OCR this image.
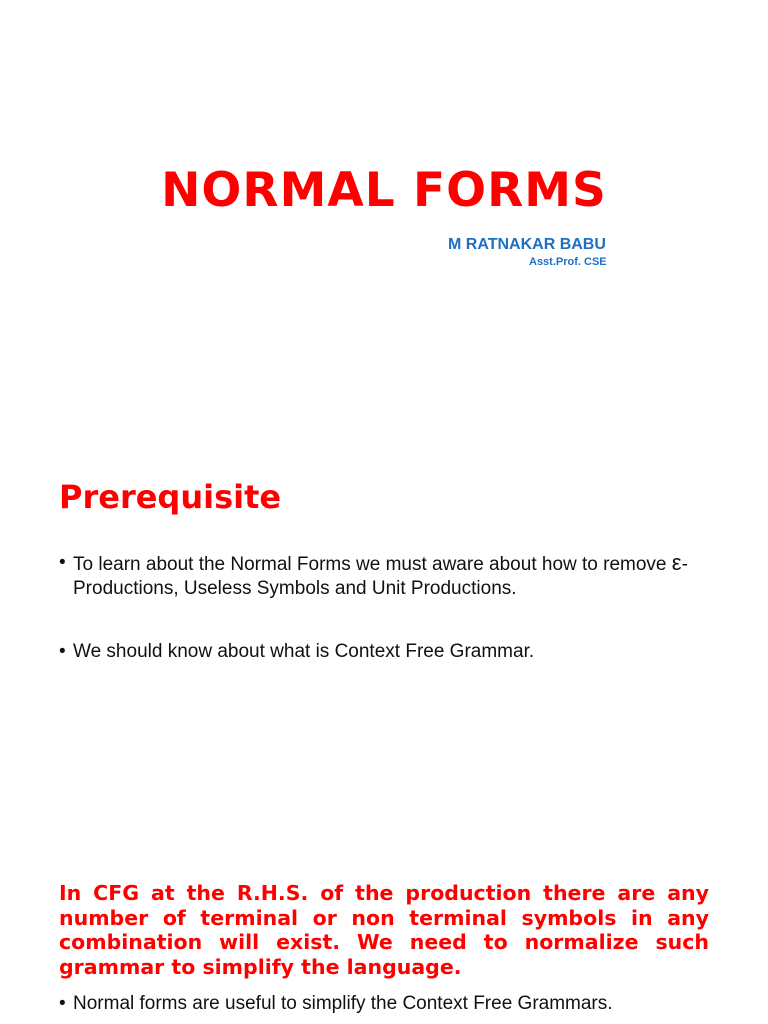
NORMAL FORMS
M RATNAKAR BABU
Asst.Prof. CSE
Prerequisite
• To learn about the Normal Forms we must aware about how to remove ε-Productions, Useless Symbols and Unit Productions.
• We should know about what is Context Free Grammar.

In CFG at the R.H.S. of the production there are any number of terminal or non terminal symbols in any combination will exist. We need to normalize such grammar to simplify the language.

• Normal forms are useful to simplify the Context Free Grammars.
